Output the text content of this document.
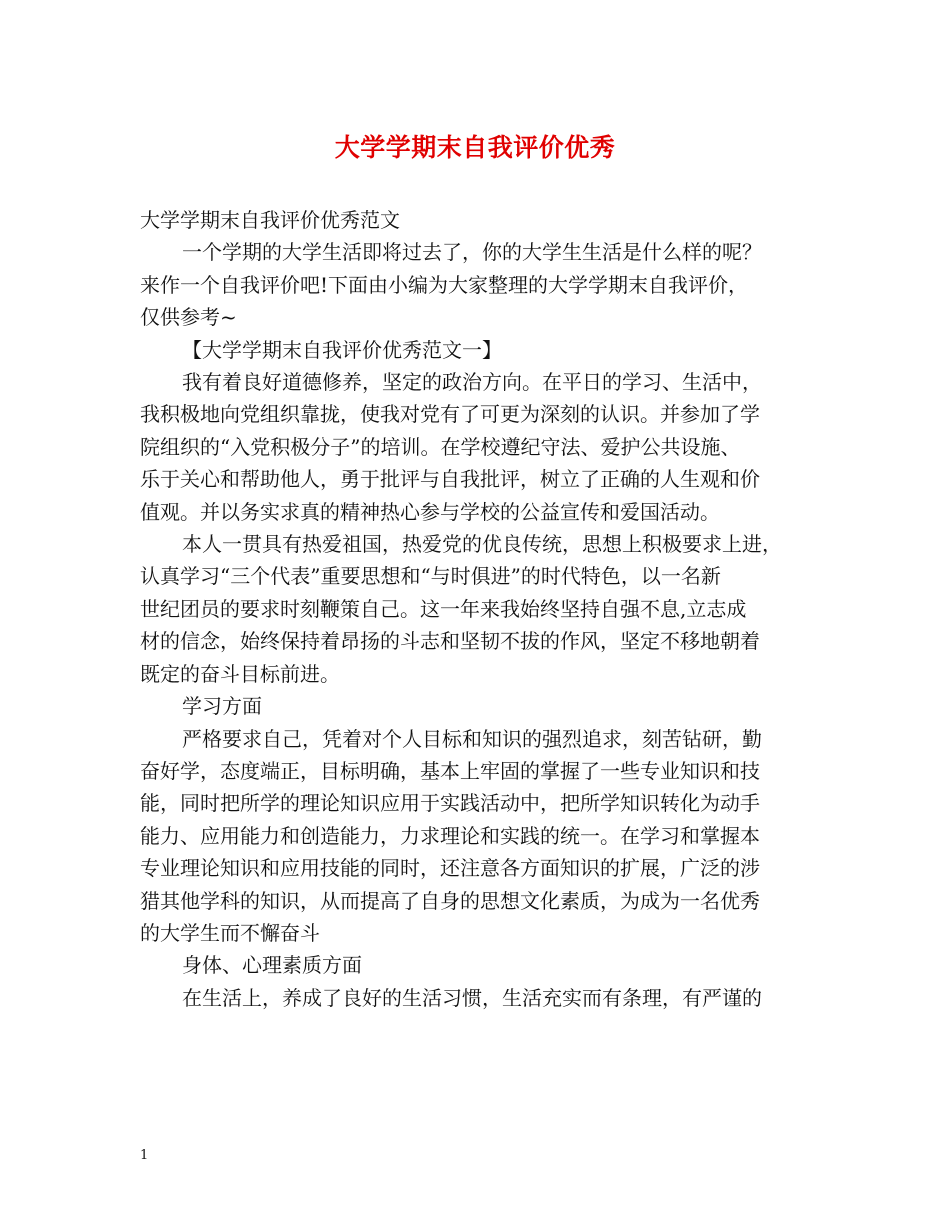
大学学期末自我评价优秀

大学学期末自我评价优秀范文

一个学期的大学生活即将过去了，你的大学生生活是什么样的呢？

来作一个自我评价吧!下面由小编为大家整理的大学学期末自我评价，

仅供参考~

【大学学期末自我评价优秀范文一】

我有着良好道德修养，坚定的政治方向。在平日的学习、生活中，

我积极地向党组织靠拢，使我对党有了可更为深刻的认识。并参加了学

院组织的“入党积极分子”的培训。在学校遵纪守法、爱护公共设施、

乐于关心和帮助他人，勇于批评与自我批评，树立了正确的人生观和价

值观。并以务实求真的精神热心参与学校的公益宣传和爱国活动。

本人一贯具有热爱祖国，热爱党的优良传统，思想上积极要求上进，

认真学习“三个代表”重要思想和“与时俱进”的时代特色，以一名新

世纪团员的要求时刻鞭策自己。这一年来我始终坚持自强不息,立志成

材的信念，始终保持着昂扬的斗志和坚韧不拔的作风，坚定不移地朝着

既定的奋斗目标前进。

学习方面

严格要求自己，凭着对个人目标和知识的强烈追求，刻苦钻研，勤

奋好学，态度端正，目标明确，基本上牢固的掌握了一些专业知识和技

能，同时把所学的理论知识应用于实践活动中，把所学知识转化为动手

能力、应用能力和创造能力，力求理论和实践的统一。在学习和掌握本

专业理论知识和应用技能的同时，还注意各方面知识的扩展，广泛的涉

猎其他学科的知识，从而提高了自身的思想文化素质，为成为一名优秀

的大学生而不懈奋斗

身体、心理素质方面

在生活上，养成了良好的生活习惯，生活充实而有条理，有严谨的

1
